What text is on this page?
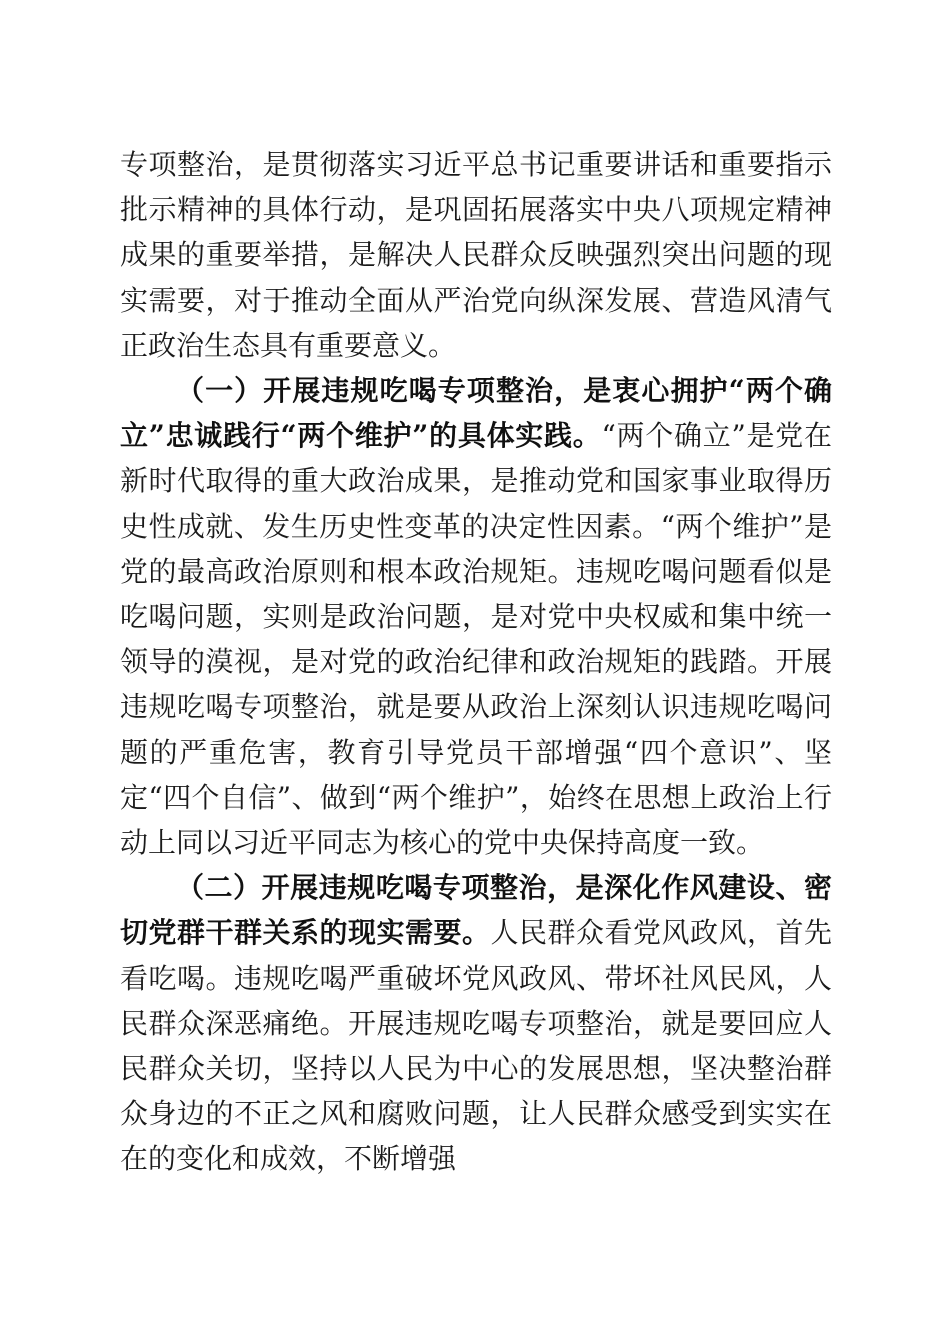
专项整治，是贯彻落实习近平总书记重要讲话和重要指示批示精神的具体行动，是巩固拓展落实中央八项规定精神成果的重要举措，是解决人民群众反映强烈突出问题的现实需要，对于推动全面从严治党向纵深发展、营造风清气正政治生态具有重要意义。

（一）开展违规吃喝专项整治，是衷心拥护“两个确立”忠诚践行“两个维护”的具体实践。“两个确立”是党在新时代取得的重大政治成果，是推动党和国家事业取得历史性成就、发生历史性变革的决定性因素。“两个维护”是党的最高政治原则和根本政治规矩。违规吃喝问题看似是吃喝问题，实则是政治问题，是对党中央权威和集中统一领导的漠视，是对党的政治纪律和政治规矩的践踏。开展违规吃喝专项整治，就是要从政治上深刻认识违规吃喝问题的严重危害，教育引导党员干部增强“四个意识”、坚定“四个自信”、做到“两个维护”，始终在思想上政治上行动上同以习近平同志为核心的党中央保持高度一致。

（二）开展违规吃喝专项整治，是深化作风建设、密切党群干群关系的现实需要。人民群众看党风政风，首先看吃喝。违规吃喝严重破坏党风政风、带坏社风民风，人民群众深恶痛绝。开展违规吃喝专项整治，就是要回应人民群众关切，坚持以人民为中心的发展思想，坚决整治群众身边的不正之风和腐败问题，让人民群众感受到实实在在的变化和成效，不断增强
